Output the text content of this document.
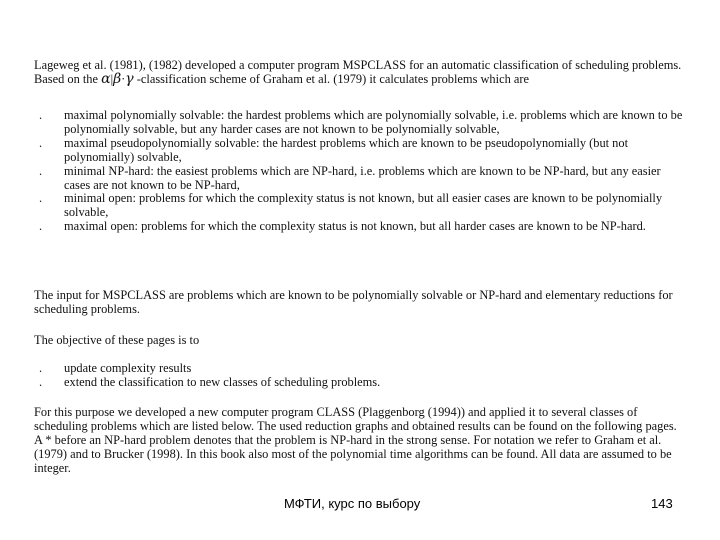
Lageweg et al. (1981), (1982) developed a computer program MSPCLASS for an automatic classification of scheduling problems. Based on the α|β·γ -classification scheme of Graham et al. (1979) it calculates problems which are

. maximal polynomially solvable: the hardest problems which are polynomially solvable, i.e. problems which are known to be polynomially solvable, but any harder cases are not known to be polynomially solvable,
. maximal pseudopolynomially solvable: the hardest problems which are known to be pseudopolynomially (but not polynomially) solvable,
. minimal NP-hard: the easiest problems which are NP-hard, i.e. problems which are known to be NP-hard, but any easier cases are not known to be NP-hard,
. minimal open: problems for which the complexity status is not known, but all easier cases are known to be polynomially solvable,
. maximal open: problems for which the complexity status is not known, but all harder cases are known to be NP-hard.

The input for MSPCLASS are problems which are known to be polynomially solvable or NP-hard and elementary reductions for scheduling problems.

The objective of these pages is to

. update complexity results
. extend the classification to new classes of scheduling problems.

For this purpose we developed a new computer program CLASS (Plaggenborg (1994)) and applied it to several classes of scheduling problems which are listed below. The used reduction graphs and obtained results can be found on the following pages. A * before an NP-hard problem denotes that the problem is NP-hard in the strong sense. For notation we refer to Graham et al. (1979) and to Brucker (1998). In this book also most of the polynomial time algorithms can be found. All data are assumed to be integer.

МФТИ, курс по выбору	143
